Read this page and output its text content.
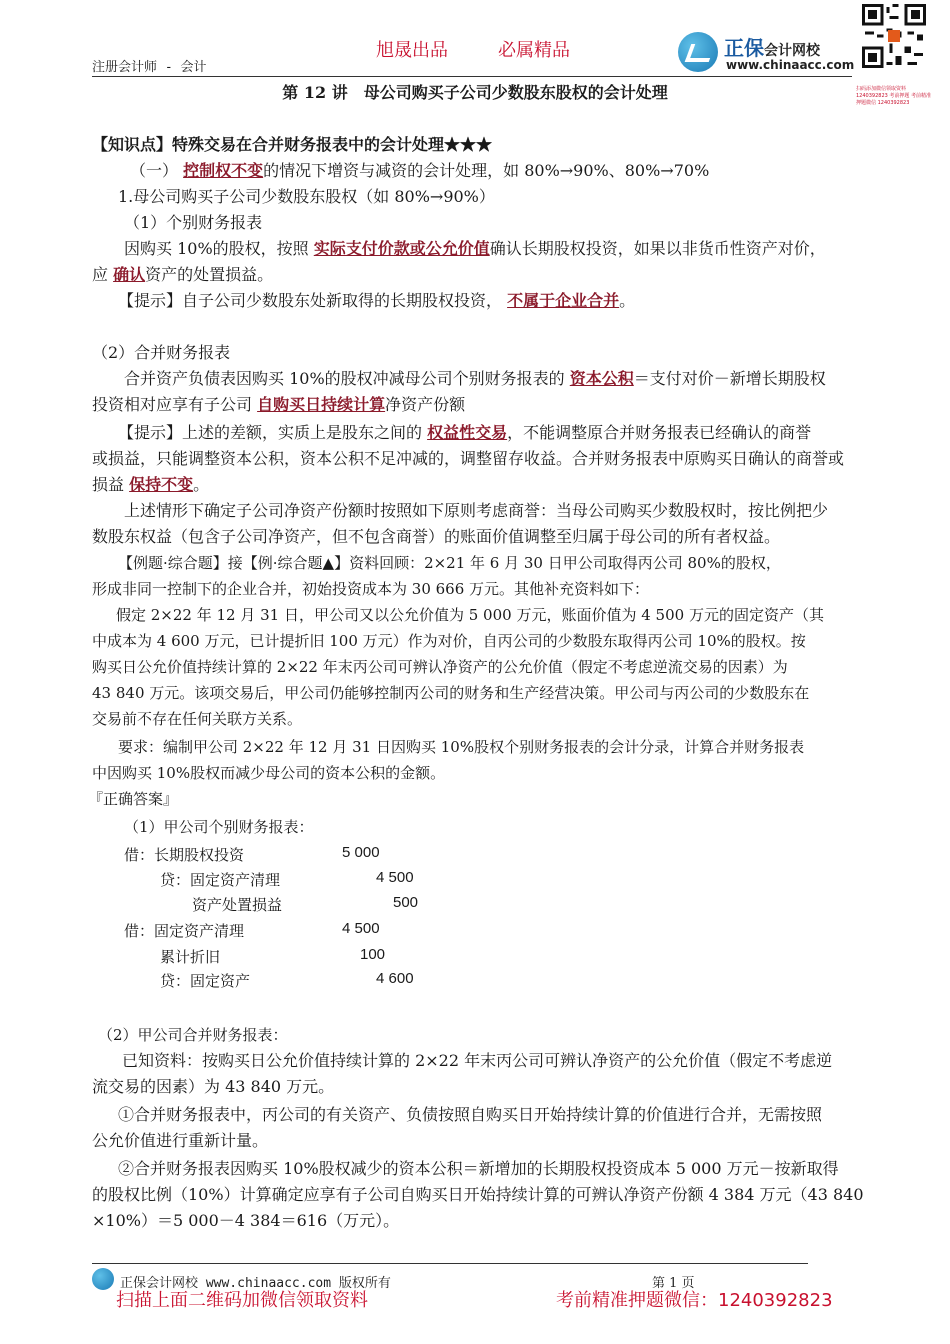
旭晟出品	必属精品
注册会计师 - 会计
正保会计网校
www.chinaacc.com
扫码添加微信领取资料 1240392823 考前押题 考前精准押题微信 1240392823
第 12 讲　母公司购买子公司少数股东股权的会计处理
【知识点】特殊交易在合并财务报表中的会计处理★★★
（一） 控制权不变的情况下增资与减资的会计处理，如 80%→90%、80%→70%
1.母公司购买子公司少数股东股权（如 80%→90%）
（1）个别财务报表
因购买 10%的股权，按照 实际支付价款或公允价值确认长期股权投资，如果以非货币性资产对价，
应 确认资产的处置损益。
【提示】自子公司少数股东处新取得的长期股权投资， 不属于企业合并。
（2）合并财务报表
合并资产负债表因购买 10%的股权冲减母公司个别财务报表的 资本公积＝支付对价－新增长期股权
投资相对应享有子公司 自购买日持续计算净资产份额
【提示】上述的差额，实质上是股东之间的 权益性交易，不能调整原合并财务报表已经确认的商誉
或损益，只能调整资本公积，资本公积不足冲减的，调整留存收益。合并财务报表中原购买日确认的商誉或
损益 保持不变。
上述情形下确定子公司净资产份额时按照如下原则考虑商誉：当母公司购买少数股权时，按比例把少
数股东权益（包含子公司净资产，但不包含商誉）的账面价值调整至归属于母公司的所有者权益。
【例题·综合题】接【例·综合题▲】资料回顾：2×21 年 6 月 30 日甲公司取得丙公司 80%的股权，
形成非同一控制下的企业合并，初始投资成本为 30 666 万元。其他补充资料如下：
假定 2×22 年 12 月 31 日，甲公司又以公允价值为 5 000 万元，账面价值为 4 500 万元的固定资产（其
中成本为 4 600 万元，已计提折旧 100 万元）作为对价，自丙公司的少数股东取得丙公司 10%的股权。按
购买日公允价值持续计算的 2×22 年末丙公司可辨认净资产的公允价值（假定不考虑逆流交易的因素）为
43 840 万元。该项交易后，甲公司仍能够控制丙公司的财务和生产经营决策。甲公司与丙公司的少数股东在
交易前不存在任何关联方关系。
要求：编制甲公司 2×22 年 12 月 31 日因购买 10%股权个别财务报表的会计分录，计算合并财务报表
中因购买 10%股权而减少母公司的资本公积的金额。
『正确答案』
（1）甲公司个别财务报表：
借：长期股权投资	5 000
贷：固定资产清理	4 500
资产处置损益	500
借：固定资产清理	4 500
累计折旧	100
贷：固定资产	4 600
（2）甲公司合并财务报表：
已知资料：按购买日公允价值持续计算的 2×22 年末丙公司可辨认净资产的公允价值（假定不考虑逆
流交易的因素）为 43 840 万元。
①合并财务报表中，丙公司的有关资产、负债按照自购买日开始持续计算的价值进行合并，无需按照
公允价值进行重新计量。
②合并财务报表因购买 10%股权减少的资本公积＝新增加的长期股权投资成本 5 000 万元－按新取得
的股权比例（10%）计算确定应享有子公司自购买日开始持续计算的可辨认净资产份额 4 384 万元（43 840
×10%）＝5 000－4 384＝616（万元）。
正保会计网校 www.chinaacc.com 版权所有	第 1 页
扫描上面二维码加微信领取资料	考前精准押题微信：1240392823
